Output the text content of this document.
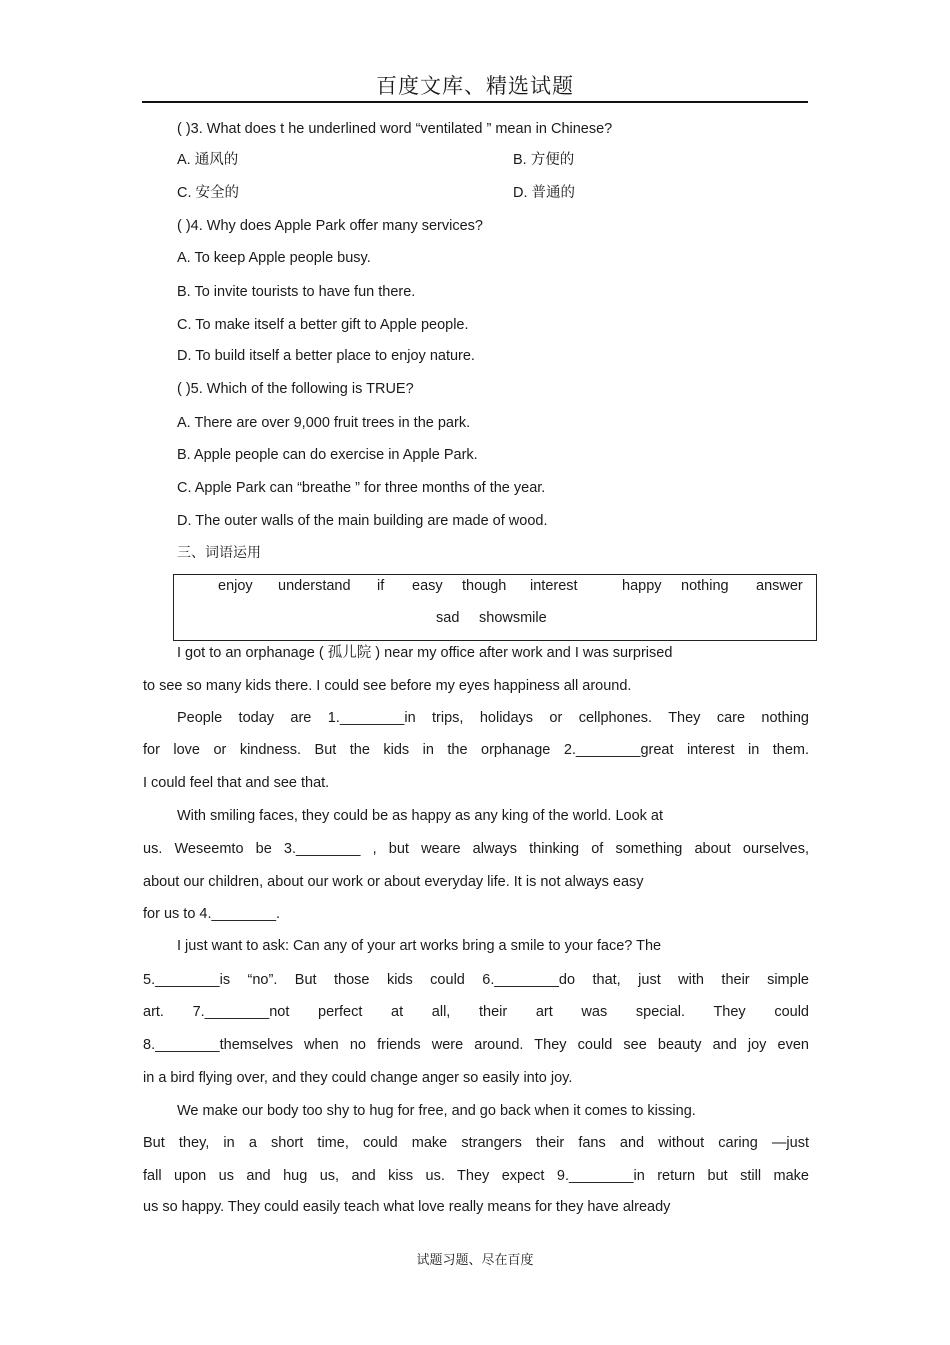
百度文库、精选试题
( )3. What does t he underlined word “ventilated ” mean in Chinese?
A. 通风的	B. 方便的
C. 安全的	D. 普通的
( )4. Why does Apple Park offer many services?
A. To keep Apple people busy.
B. To invite tourists to have fun there.
C. To make itself a better gift to Apple people.
D. To build itself a better place to enjoy nature.
( )5. Which of the following is TRUE?
A. There are over 9,000 fruit trees in the park.
B. Apple people can do exercise in Apple Park.
C. Apple Park can “breathe ” for three months of the year.
D. The outer walls of the main building are made of wood.
三、词语运用
enjoy understand if easy though interest	happy nothing answer
sad showsmile
I got to an orphanage ( 孤儿院 ) near my office after work and I was surprised
to see so many kids there. I could see before my eyes happiness all around.
People today are 1.________in trips, holidays or cellphones. They care nothing
for love or kindness. But the kids in the orphanage 2.________great interest in them.
I could feel that and see that.
With smiling faces, they could be as happy as any king of the world. Look at
us. Weseemto be 3.________ , but weare always thinking of something about ourselves,
about our children, about our work or about everyday life. It is not always easy
for us to 4.________.
I just want to ask: Can any of your art works bring a smile to your face? The
5.________is “no”. But those kids could 6.________do that, just with their simple
art. 7.________not perfect at all, their art was special. They could
8.________themselves when no friends were around. They could see beauty and joy even
in a bird flying over, and they could change anger so easily into joy.
We make our body too shy to hug for free, and go back when it comes to kissing.
But they, in a short time, could make strangers their fans and without caring —just
fall upon us and hug us, and kiss us. They expect 9.________in return but still make
us so happy. They could easily teach what love really means for they have already
试题习题、尽在百度
